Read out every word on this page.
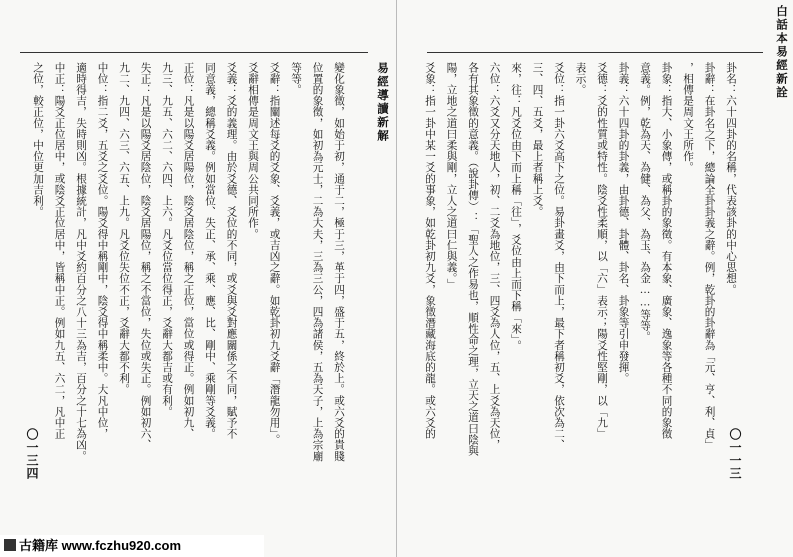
易經導讀新解
變化象徵，如始于初，通于二，極于三，革于四，盛于五，終於上。或六爻的貴賤
位置的象徵，如初為元士，二為大夫，三為三公，四為諸侯，五為天子，上為宗廟
等等。
爻辭：指闡述每爻的爻象、爻義，或吉凶之辭。如乾卦初九爻辭「潛龍勿用」。
爻辭相傳是周文王與周公共同所作。
爻義：爻的義理。由於爻德、爻位的不同，或爻與爻對應關係之不同，賦予不
同意義，總稱爻義。例如當位、失正、承、乘、應、比、剛中、乘剛等爻義。
正位：凡是以陽爻居陽位，陰爻居陰位，稱之正位，當位或得正。例如初九、
九三、九五、六二、六四、上六。凡爻位當位得正，爻辭大都吉或有利。
失正：凡是以陽爻居陰位，陰爻居陽位，稱之不當位，失位或失正。例如初六、
九二、九四、六三、六五、上九。凡爻位失位不正，爻辭大都不利。
中位：指二爻，五爻之爻位。陽爻得中稱剛中，陰爻得中稱柔中。大凡中位，
適時得吉，失時則凶。根據統計，凡中爻約百分之八十三為吉，百分之十七為凶。
中正：陽爻正位居中，或陰爻正位居中，皆稱中正。例如九五、六二，凡中正
之位，較正位，中位更加吉利。
〇一三四
白話本易經新詮
卦名：六十四卦的名稱，代表該卦的中心思想。
卦辭：在卦名之下，總論全卦卦義之辭。例，乾卦的卦辭為「元、亨、利、貞」
，相傳是周文王所作。
卦象：指大、小象傳，或稱卦的象徵。有本象、廣象、逸象等各種不同的象徵
意義。例，乾為天、為健、為父、為玉、為金……等等。
卦義：六十四卦的卦義，由卦德、卦體、卦名、卦象等引申發揮。
爻德：爻的性質或特性。陰爻性柔順，以「六」表示；陽爻性堅剛，以「九」
表示。
爻位：指一卦六爻高下之位。易卦畫爻，由下而上，最下者稱初爻，依次為二、
三、四、五爻，最上者稱上爻。
來，往：凡爻位由下而上稱「往」，爻位由上而下稱「來」。
六位：六爻又分天地人，初、二爻為地位，三、四爻為人位，五、上爻為天位，
各有其象徵的意義。（說卦傳）：「聖人之作易也，順性命之理，立天之道曰陰與
陽，立地之道曰柔與剛，立人之道曰仁與義。」
爻象：指一卦中某一爻的事象，如乾卦初九爻，象徵潛藏海底的龍。或六爻的
〇一一三
古籍库 www.fczhu920.com
